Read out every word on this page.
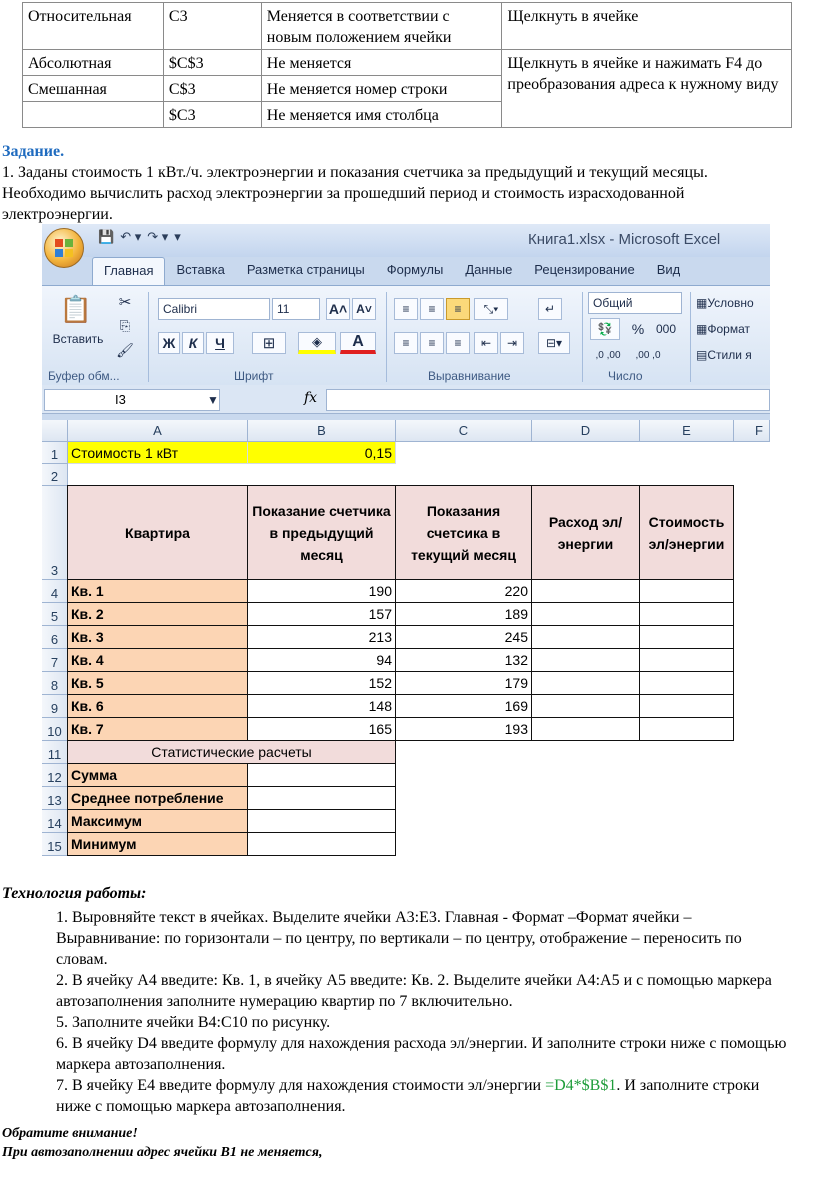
Относительная	C3	Меняется в соответствии с новым положением ячейки	Щелкнуть в ячейке
Абсолютная	$C$3	Не меняется	Щелкнуть в ячейке и нажимать F4 до преобразования адреса к нужному виду
Смешанная	C$3	Не меняется номер строки	
	$C3	Не меняется имя столбца	
Задание.
1. Заданы стоимость 1 кВт./ч. электроэнергии и показания счетчика за предыдущий и текущий месяцы. Необходимо вычислить расход электроэнергии за прошедший период и стоимость израсходованной электроэнергии.
💾 ↶ ▾ ↷ ▾ ▾	Книга1.xlsx - Microsoft Excel
Главная	Вставка	Разметка страницы	Формулы	Данные	Рецензирование	Вид
📋
Вставить
✂
⎘
🖌
Буфер обм...
Calibri	11	A˄ A˅
Ж К	Ч	⊞	◈	A
Шрифт
≡	≡	≡	⤡▾
≡	≡	≡	⇤	⇥
↵
⊟▾
Выравнивание
Общий
💱	% 000
,0 ,00	,00 ,0
Число
▦ Условно
▦ Формат
▤ Стили я
I3	▼	fx
A	B	C	D	E	F
1
2
3
4
5
6
7
8
9
10
11
12
13
14
15
Стоимость 1 кВт	0,15
Квартира
Показание счетчика в предыдущий месяц
Показания счетсика в текущий месяц
Расход эл/энергии
Стоимость эл/энергии
Кв. 1	190	220
Кв. 2	157	189
Кв. 3	213	245
Кв. 4	94	132
Кв. 5	152	179
Кв. 6	148	169
Кв. 7	165	193
Статистические расчеты
Сумма
Среднее потребление
Максимум
Минимум
Технология работы:
1. Выровняйте текст в ячейках. Выделите ячейки A3:E3. Главная - Формат –Формат ячейки – Выравнивание: по горизонтали – по центру, по вертикали – по центру, отображение – переносить по словам.
2. В ячейку A4 введите: Кв. 1, в ячейку A5 введите: Кв. 2. Выделите ячейки A4:A5 и с помощью маркера автозаполнения заполните нумерацию квартир по 7 включительно.
5. Заполните ячейки B4:C10 по рисунку.
6. В ячейку D4 введите формулу для нахождения расхода эл/энергии. И заполните строки ниже с помощью маркера автозаполнения.
7. В ячейку E4 введите формулу для нахождения стоимости эл/энергии =D4*$B$1. И заполните строки ниже с помощью маркера автозаполнения.
Обратите внимание!
При автозаполнении адрес ячейки B1 не меняется,
